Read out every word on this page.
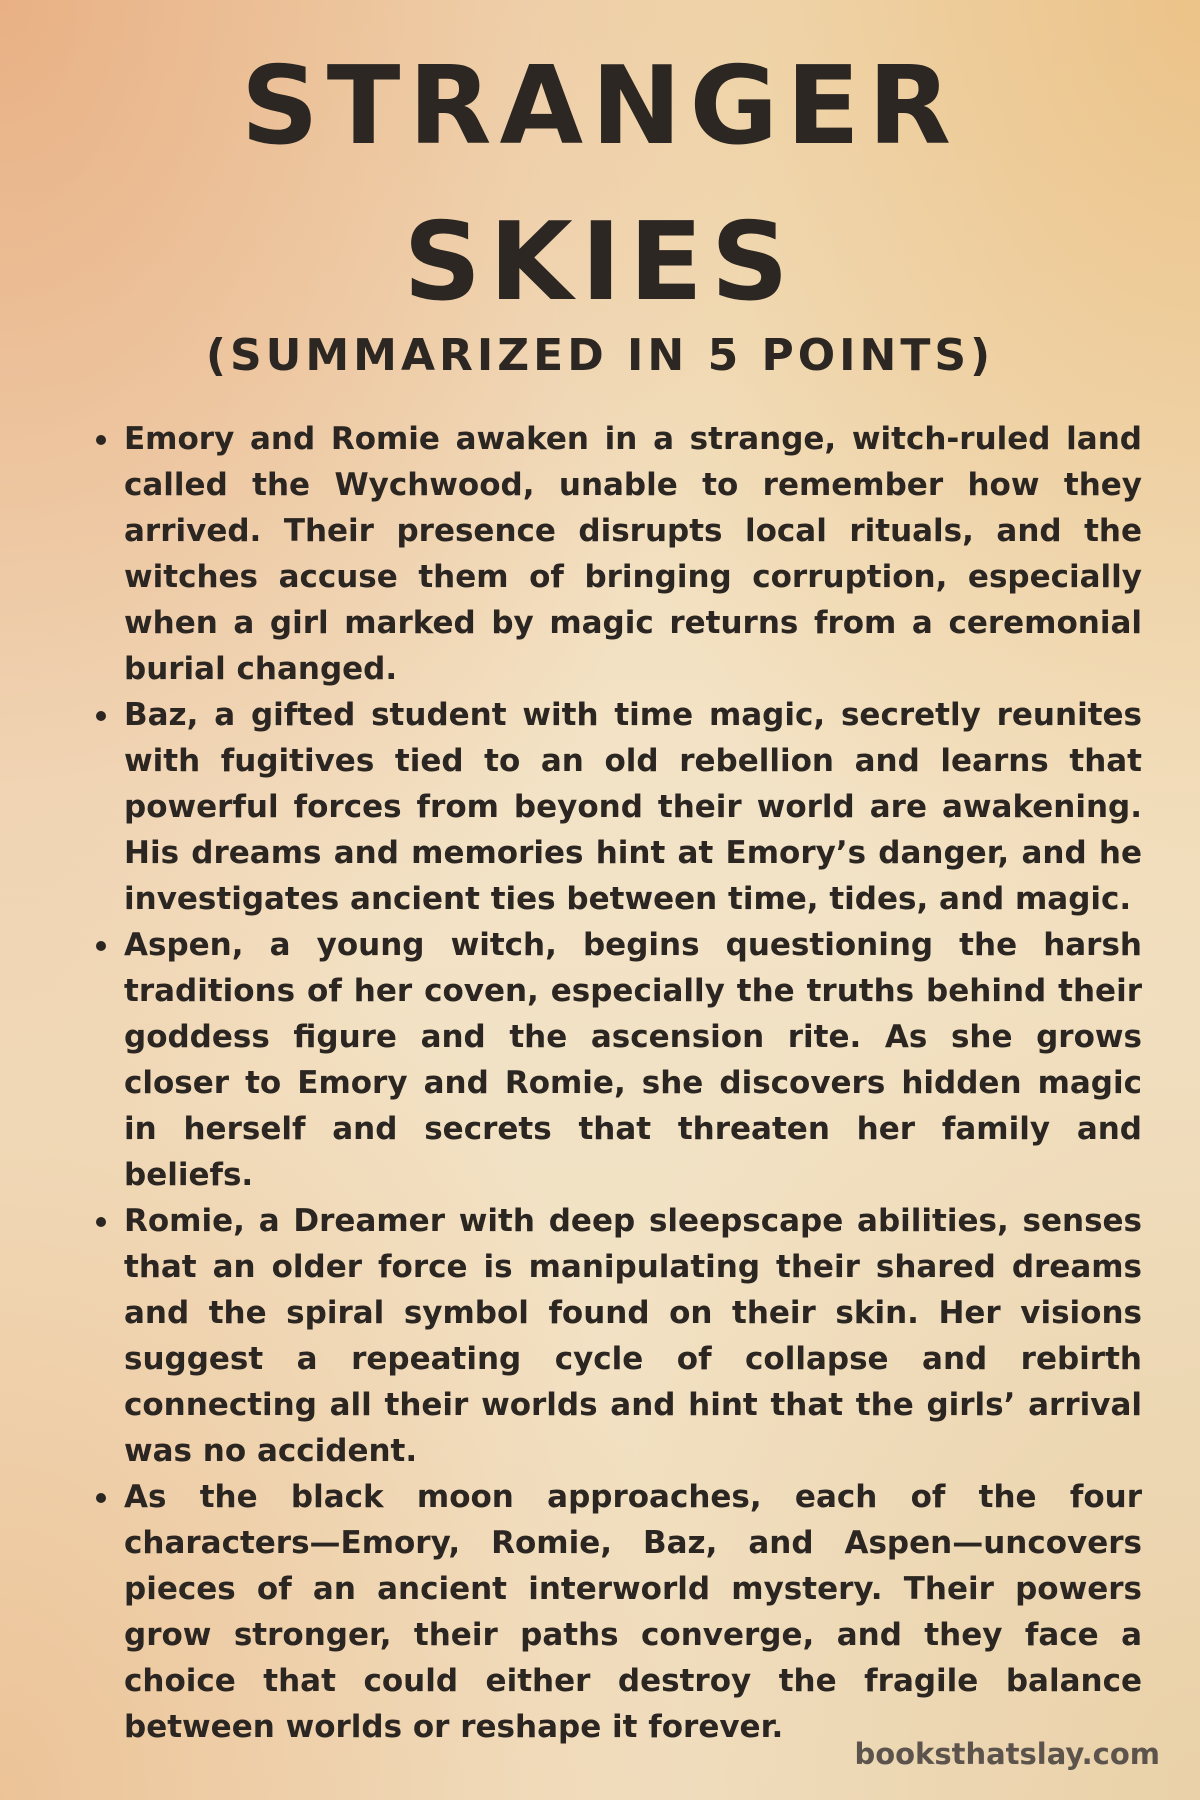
STRANGER
SKIES
(SUMMARIZED IN 5 POINTS)
Emory and Romie awaken in a strange, witch-ruled land called the Wychwood, unable to remember how they arrived. Their presence disrupts local rituals, and the witches accuse them of bringing corruption, especially when a girl marked by magic returns from a ceremonial burial changed.
Baz, a gifted student with time magic, secretly reunites with fugitives tied to an old rebellion and learns that powerful forces from beyond their world are awakening. His dreams and memories hint at Emory’s danger, and he investigates ancient ties between time, tides, and magic.
Aspen, a young witch, begins questioning the harsh traditions of her coven, especially the truths behind their goddess figure and the ascension rite. As she grows closer to Emory and Romie, she discovers hidden magic in herself and secrets that threaten her family and beliefs.
Romie, a Dreamer with deep sleepscape abilities, senses that an older force is manipulating their shared dreams and the spiral symbol found on their skin. Her visions suggest a repeating cycle of collapse and rebirth connecting all their worlds and hint that the girls’ arrival was no accident.
As the black moon approaches, each of the four characters—Emory, Romie, Baz, and Aspen—uncovers pieces of an ancient interworld mystery. Their powers grow stronger, their paths converge, and they face a choice that could either destroy the fragile balance between worlds or reshape it forever.
booksthatslay.com
